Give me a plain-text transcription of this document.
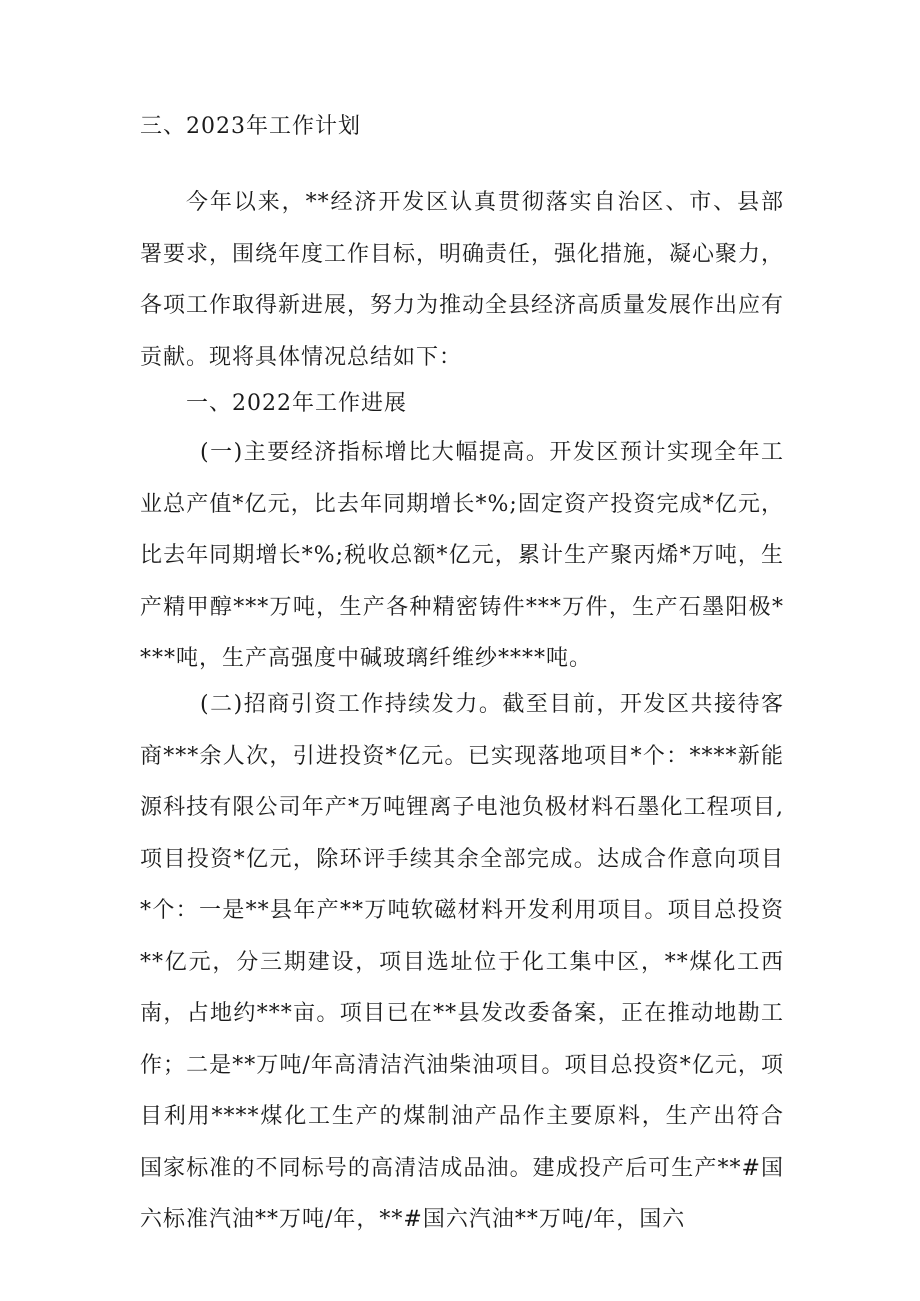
三、2023年工作计划

今年以来，**经济开发区认真贯彻落实自治区、市、县部署要求，围绕年度工作目标，明确责任，强化措施，凝心聚力，各项工作取得新进展，努力为推动全县经济高质量发展作出应有贡献。现将具体情况总结如下：

一、2022年工作进展

(一)主要经济指标增比大幅提高。开发区预计实现全年工业总产值*亿元，比去年同期增长*%;固定资产投资完成*亿元，比去年同期增长*%;税收总额*亿元，累计生产聚丙烯*万吨，生产精甲醇***万吨，生产各种精密铸件***万件，生产石墨阳极****吨，生产高强度中碱玻璃纤维纱****吨。

(二)招商引资工作持续发力。截至目前，开发区共接待客商***余人次，引进投资*亿元。已实现落地项目*个：****新能源科技有限公司年产*万吨锂离子电池负极材料石墨化工程项目,项目投资*亿元，除环评手续其余全部完成。达成合作意向项目*个：一是**县年产**万吨软磁材料开发利用项目。项目总投资**亿元，分三期建设，项目选址位于化工集中区，**煤化工西南，占地约***亩。项目已在**县发改委备案，正在推动地勘工作；二是**万吨/年高清洁汽油柴油项目。项目总投资*亿元，项目利用****煤化工生产的煤制油产品作主要原料，生产出符合国家标准的不同标号的高清洁成品油。建成投产后可生产**#国六标准汽油**万吨/年，**#国六汽油**万吨/年，国六
